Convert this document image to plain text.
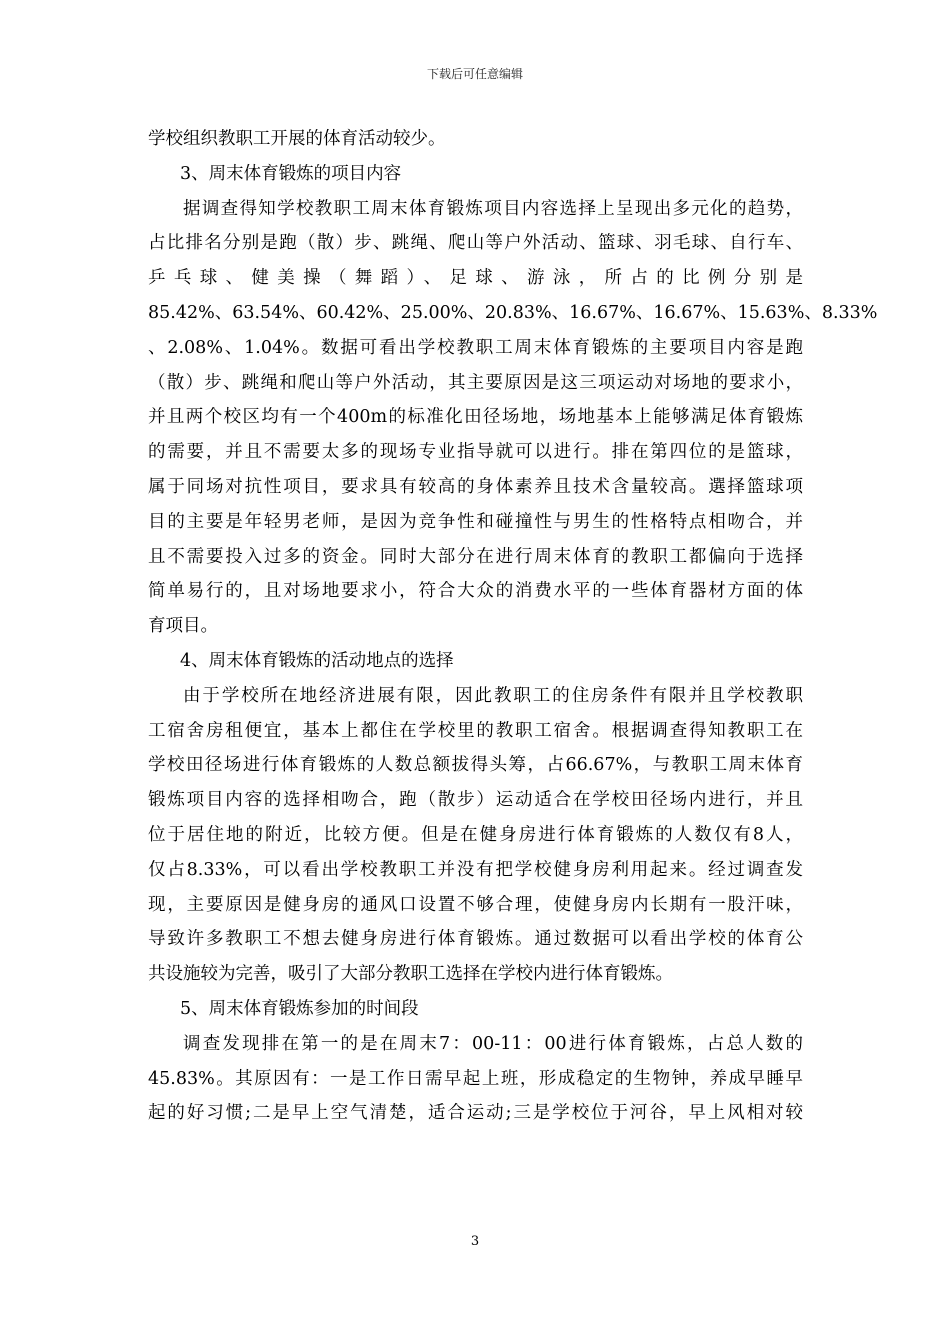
下载后可任意编辑
学校组织教职工开展的体育活动较少。
3、周末体育锻炼的项目内容
据调查得知学校教职工周末体育锻炼项目内容选择上呈现出多元化的趋势，
占比排名分别是跑（散）步、跳绳、爬山等户外活动、篮球、羽毛球、自行车、
乒乓球、健美操（舞蹈）、足球、游泳，所占的比例分别是
85.42%、63.54%、60.42%、25.00%、20.83%、16.67%、16.67%、15.63%、8.33%
、2.08%、1.04%。数据可看出学校教职工周末体育锻炼的主要项目内容是跑
（散）步、跳绳和爬山等户外活动，其主要原因是这三项运动对场地的要求小，
并且两个校区均有一个400m的标准化田径场地，场地基本上能够满足体育锻炼
的需要，并且不需要太多的现场专业指导就可以进行。排在第四位的是篮球，
属于同场对抗性项目，要求具有较高的身体素养且技术含量较高。選择篮球项
目的主要是年轻男老师，是因为竞争性和碰撞性与男生的性格特点相吻合，并
且不需要投入过多的资金。同时大部分在进行周末体育的教职工都偏向于选择
简单易行的，且对场地要求小，符合大众的消费水平的一些体育器材方面的体
育项目。
4、周末体育锻炼的活动地点的选择
由于学校所在地经济进展有限，因此教职工的住房条件有限并且学校教职
工宿舍房租便宜，基本上都住在学校里的教职工宿舍。根据调查得知教职工在
学校田径场进行体育锻炼的人数总额拔得头筹，占66.67%，与教职工周末体育
锻炼项目内容的选择相吻合，跑（散步）运动适合在学校田径场内进行，并且
位于居住地的附近，比较方便。但是在健身房进行体育锻炼的人数仅有8人，
仅占8.33%，可以看出学校教职工并没有把学校健身房利用起来。经过调查发
现，主要原因是健身房的通风口设置不够合理，使健身房内长期有一股汗味，
导致许多教职工不想去健身房进行体育锻炼。通过数据可以看出学校的体育公
共设施较为完善，吸引了大部分教职工选择在学校内进行体育锻炼。
5、周末体育锻炼参加的时间段
调查发现排在第一的是在周末7：00-11：00进行体育锻炼，占总人数的
45.83%。其原因有：一是工作日需早起上班，形成稳定的生物钟，养成早睡早
起的好习惯;二是早上空气清楚，适合运动;三是学校位于河谷，早上风相对较
3
